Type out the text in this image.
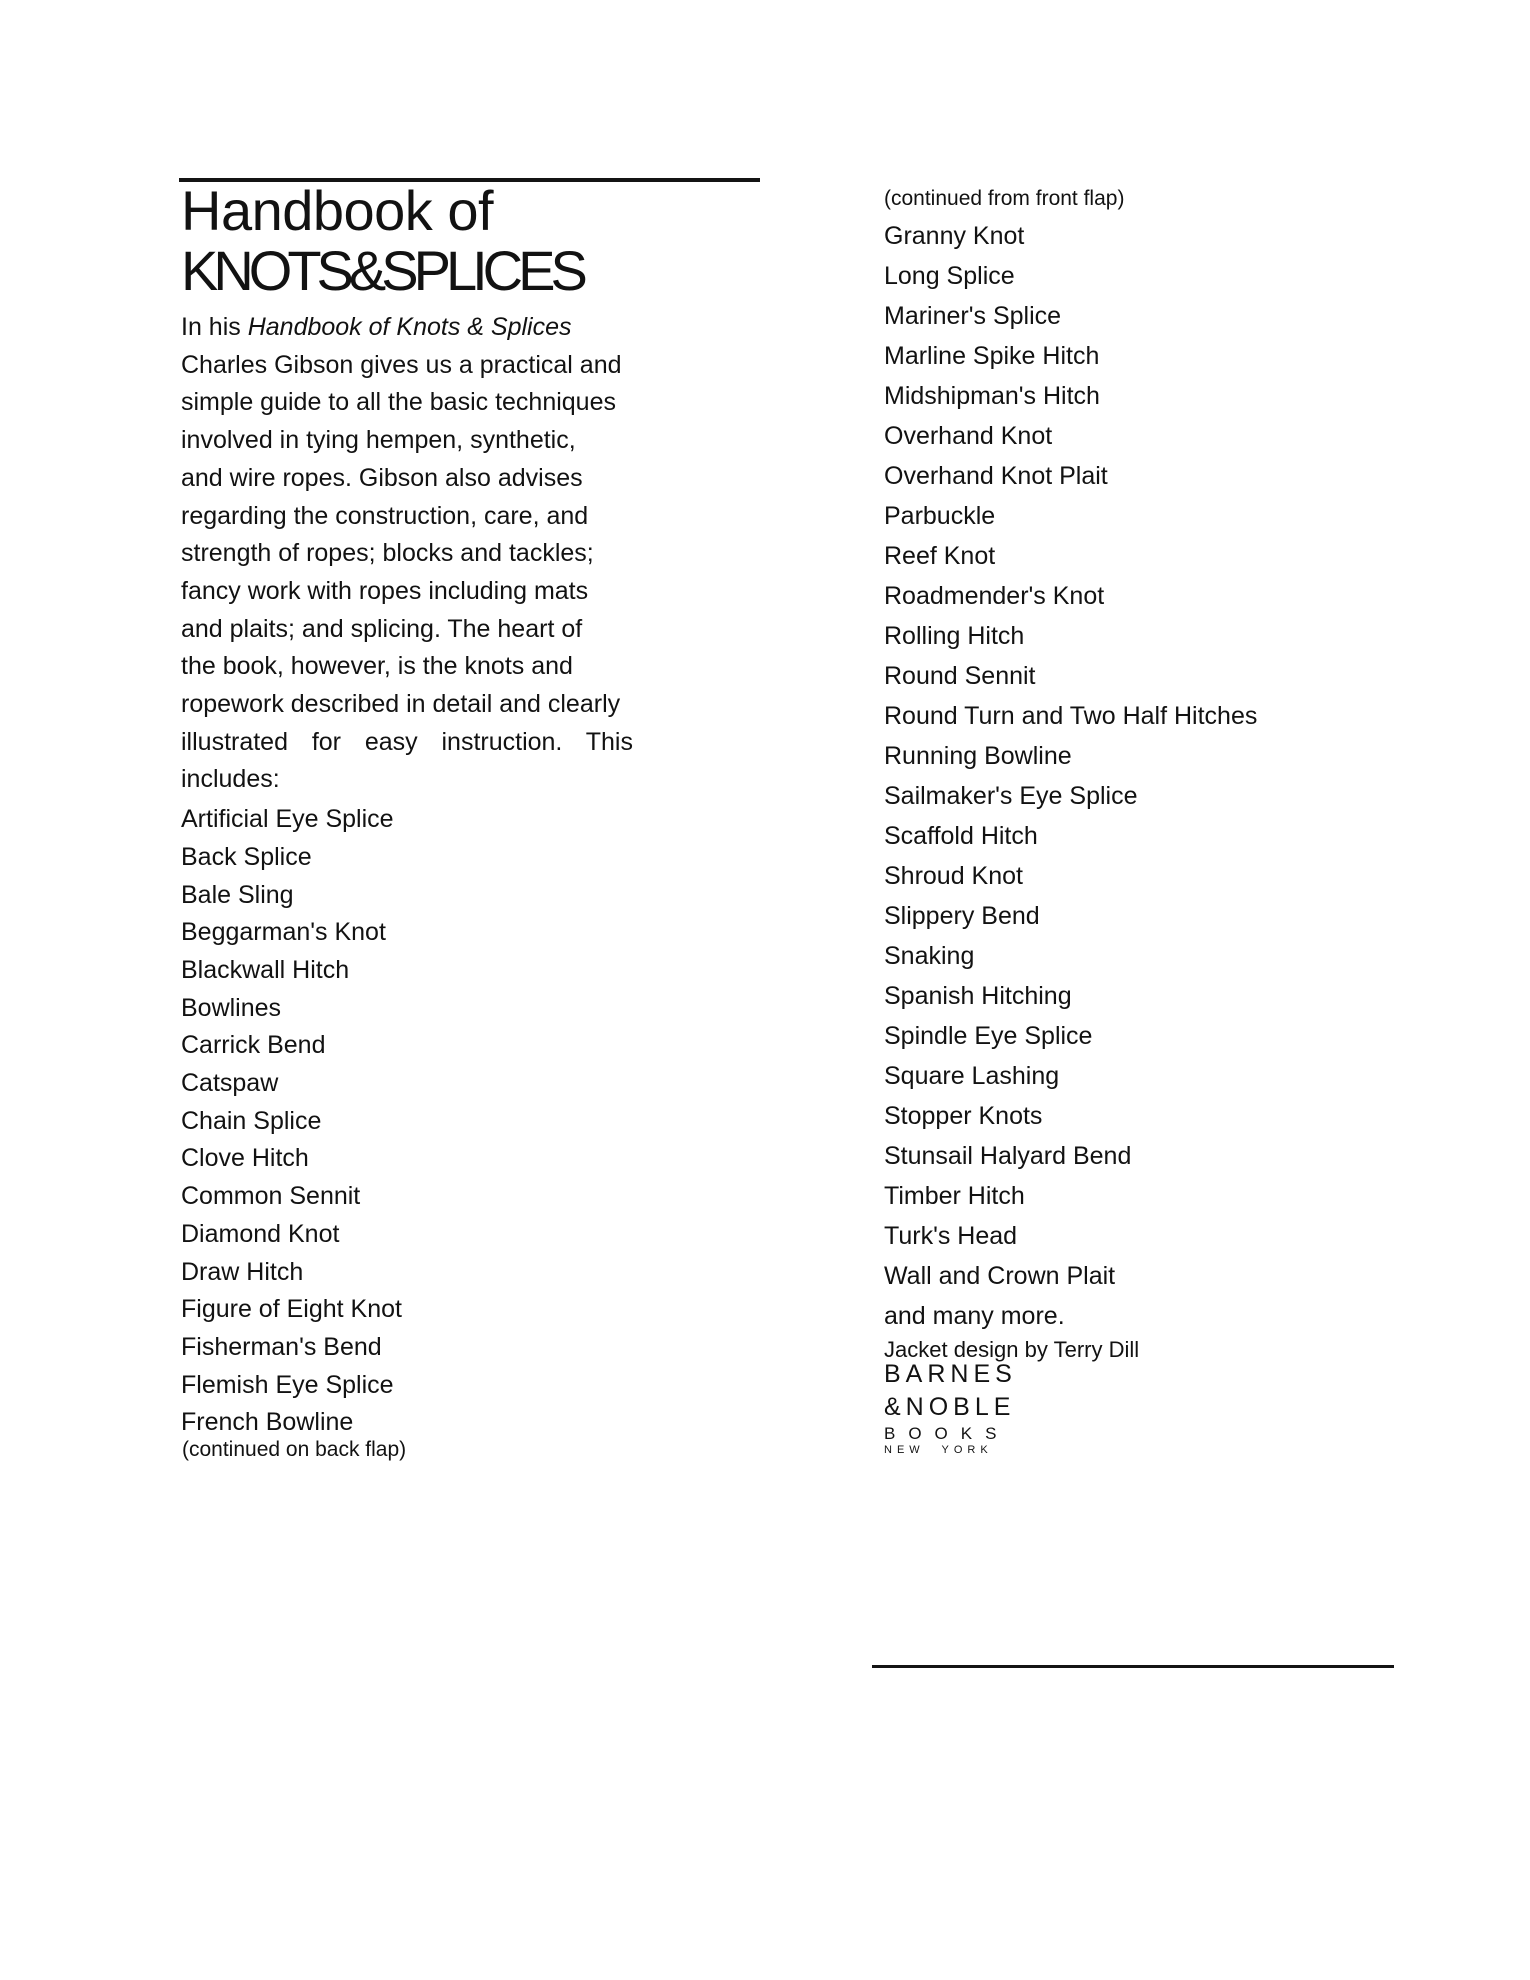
Handbook of
KNOTS&SPLICES
In his Handbook of Knots & Splices
Charles Gibson gives us a practical and
simple guide to all the basic techniques
involved in tying hempen, synthetic,
and wire ropes. Gibson also advises
regarding the construction, care, and
strength of ropes; blocks and tackles;
fancy work with ropes including mats
and plaits; and splicing. The heart of
the book, however, is the knots and
ropework described in detail and clearly
illustrated for easy instruction. This
includes:
Artificial Eye Splice
Back Splice
Bale Sling
Beggarman's Knot
Blackwall Hitch
Bowlines
Carrick Bend
Catspaw
Chain Splice
Clove Hitch
Common Sennit
Diamond Knot
Draw Hitch
Figure of Eight Knot
Fisherman's Bend
Flemish Eye Splice
French Bowline
(continued on back flap)
(continued from front flap)
Granny Knot
Long Splice
Mariner's Splice
Marline Spike Hitch
Midshipman's Hitch
Overhand Knot
Overhand Knot Plait
Parbuckle
Reef Knot
Roadmender's Knot
Rolling Hitch
Round Sennit
Round Turn and Two Half Hitches
Running Bowline
Sailmaker's Eye Splice
Scaffold Hitch
Shroud Knot
Slippery Bend
Snaking
Spanish Hitching
Spindle Eye Splice
Square Lashing
Stopper Knots
Stunsail Halyard Bend
Timber Hitch
Turk's Head
Wall and Crown Plait
and many more.
Jacket design by Terry Dill
BARNES
&NOBLE
BOOKS
NEW YORK
